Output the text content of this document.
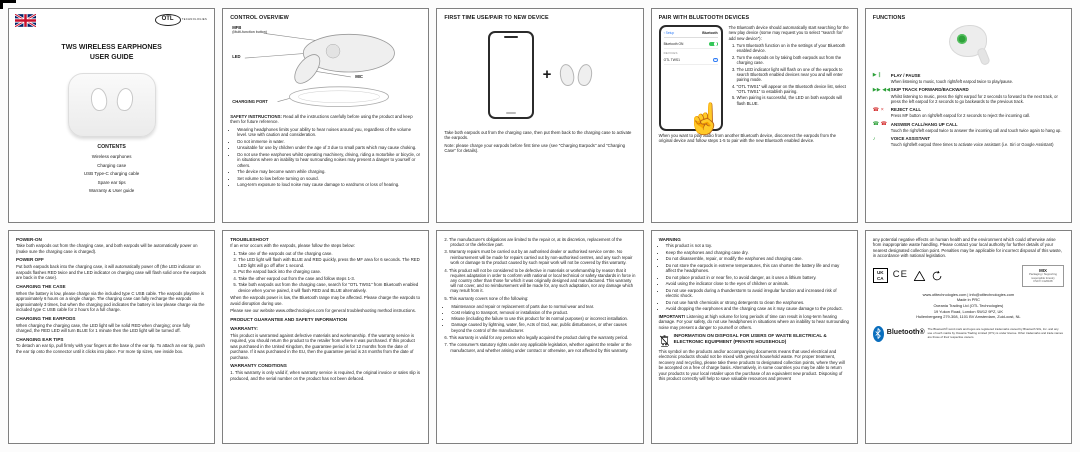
OTL	TECHNOLOGIES
TWS WIRELESS EARPHONES
USER GUIDE
CONTENTS
Wireless earphones
Charging case
USB Type-C charging cable
Spare ear tips
Warranty & User guide
CONTROL OVERVIEW
MFB
(Multi-function button)
LED
MIC
CHARGING PORT

SAFETY INSTRUCTIONS: Read all the instructions carefully before using the product and keep them for future reference.

• Wearing headphones limits your ability to hear noises around you, regardless of the volume level. Use with caution and consideration.
• Do not immerse in water.
• Unsuitable for use by children under the age of 3 due to small parts which may cause choking.
• Do not use these earphones whilst operating machinery, driving, riding a motorbike or bicycle, or in situations where an inability to hear surrounding noises may present a danger to yourself or others.
• The device may become warm while charging.
• Set volume to low before turning on sound.
• Long-term exposure to loud noise may cause damage to eardrums or loss of hearing.
FIRST TIME USE/PAIR TO NEW DEVICE
+

Take both earpods out from the charging case, then put them back to the charging case to activate the earpods.

Note: please charge your earpods before first time use (see "Charging Earpods" and "Charging Case" for details).

PAIR WITH BLUETOOTH DEVICES
‹ Setup	Bluetooth
Bluetooth ON
DEVICES
OTL TWS1	i
☝

The Bluetooth device should automatically start searching for the new play device (some may request you to select "search for/ add new device"):

1. Turn Bluetooth function on in the settings of your Bluetooth enabled device.
2. Turn the earpods on by taking both earpods out from the charging case.
3. The LED indicator light will flash on one of the earpods to search Bluetooth enabled devices near you and will enter pairing mode.
4. "OTL TWS1" will appear on the Bluetooth device list, select "OTL TWS1" to establish pairing.
5. When pairing is successful, the LED on both earpods will flash BLUE.

When you want to play audio from another Bluetooth device, disconnect the earpods from the original device and follow steps 1-5 to pair with the new Bluetooth enabled device.

FUNCTIONS
▶ ∥ PLAY / PAUSE
When listening to music, touch right/left earpod twice to play/pause.
▶▶ ◀◀ SKIP TRACK FORWARD/BACKWARD
Whilst listening to music, press the right earpod for 2 seconds to forward to the next track, or press the left earpod for 2 seconds to go backwards to the previous track.
☎ × REJECT CALL
Press MF button on right/left earpod for 2 seconds to reject the incoming call.
☎ ☎ ANSWER CALL/HANG UP CALL
Touch the right/left earpod twice to answer the incoming call and touch twice again to hang up.
♪	VOICE ASSISTANT
Touch right/left earpod three times to activate voice assistant (i.e. Siri or Google Assistant)
POWER-ON
Take both earpods out from the charging case, and both earpods will be automatically power on (make sure the charging case is charged).
POWER OFF
Put both earpods back into the charging case, it will automatically power off (the LED indicator on earpods flashes RED twice and the LED indicator on charging case will flash solid once the earpods are back in the case).
CHARGING THE CASE
When the battery is low, please charge via the included type C USB cable. The earpods playtime is approximately 6 hours on a single charge. The charging case can fully recharge the earpods approximately 3 times, but when the charging pod indicates the battery is low please charge via the included type C USB cable for 2 hours for a full charge.
CHARGING THE EARPODS
When charging the charging case, the LED light will be solid RED when charging; once fully charged, the RED LED will turn BLUE for 1 minute then the LED light will be turned off.
CHANGING EAR TIPS
To detach an ear tip, pull firmly with your fingers at the base of the ear tip. To attach an ear tip, push the ear tip onto the connector until it clicks into place. For more tip sizes, see inside box.
TROUBLESHOOT

If an error occurs with the earpods, please follow the steps below:

1. Take one of the earpods out of the charging case.
2. The LED light will flash with BLUE and RED quickly, press the MF area for 6 seconds. The RED LED light will go off after 1 second.
3. Put the earpod back into the charging case.
4. Take the other earpod out from the case and follow steps 1-3.
5. Take both earpods out from the charging case, search for "OTL TWS1" from Bluetooth enabled device when you've paired, it will flash RED and BLUE alternatively.

When the earpods power is low, the Bluetooth range may be affected. Please charge the earpods to avoid disruption during use.

Please see our website www.otltechnologies.com for general troubleshooting method instructions.

PRODUCT GUARANTEE AND SAFETY INFORMATION
WARRANTY:

This product is warranted against defective materials and workmanship. If the warranty service is required, you should return the product to the retailer from where it was purchased. If this product was purchased in the United Kingdom, the guarantee period is for 12 months from the date of purchase. If it was purchased in the EU, then the guarantee period is 24 months from the date of purchase.

WARRANTY CONDITIONS

1. This warranty is only valid if, when warranty service is required, the original invoice or sales slip is produced, and the serial number on the product has not been defaced.

2. The manufacturer's obligations are limited to the repair or, at its discretion, replacement of the product or the defective part.

3. Warranty repairs must be carried out by an authorised dealer or authorised service centre. No reimbursement will be made for repairs carried out by non-authorised centres, and any such repair work or damage to the product caused by such repair work will not be covered by this warranty.

4. This product will not be considered to be defective in materials or workmanship by reason that it requires adaptation in order to conform with national or local technical or safety standards in force in any country other than those for which it was originally designed and manufactured. This warranty will not cover, and no reimbursement will be made for, any such adaptation, nor any damage which may result from it.

5. This warranty covers none of the following:

• Maintenance and repair or replacement of parts due to normal wear and tear.
• Cost relating to transport, removal or installation of the product.
• Misuse (including the failure to use this product for its normal purposes) or incorrect installation.
• Damage caused by lightning, water, fire, Acts of God, war, public disturbances, or other causes beyond the control of the manufacturer.

6. This warranty is valid for any person who legally acquired the product during the warranty period.

7. The consumer's statutory rights under any applicable legislation, whether against the retailer or the manufacturer, and whether arising under contract or otherwise, are not affected by this warranty.

WARNING
• This product is not a toy.
• Keep the earphones and charging case dry.
• Do not disassemble, repair, or modify the earphones and charging case.
• Do not store the earpods in extreme temperatures, this can shorten the battery life and may affect the headphones.
• Do not place product in or near fire, to avoid danger, as it uses a lithium battery.
• Avoid using the indicator close to the eyes of children or animals.
• Do not use earpods during a thunderstorm to avoid irregular function and increased risk of electric shock.
• Do not use harsh chemicals or strong detergents to clean the earphones.
• Avoid dropping the earphones and the charging case as it may cause damage to the product.

IMPORTANT! Listening at high volume for long periods of time can result in long-term hearing damage. For your safety, do not use headphones in situations where an inability to hear surrounding noise may present a danger to yourself or others.

INFORMATION ON DISPOSAL FOR USERS OF WASTE ELECTRICAL & ELECTRONIC EQUIPMENT (PRIVATE HOUSEHOLD)

This symbol on the products and/or accompanying documents means that used electrical and electronic products should not be mixed with general household waste. For proper treatment, recovery and recycling, please take these products to designated collection points, where they will be accepted on a free of charge basis. Alternatively, in some countries you may be able to return your products to your local retailer upon the purchase of an equivalent new product. Disposing of this product correctly will help to save valuable resources and prevent

any potential negative effects on human health and the environment which could otherwise arise from inappropriate waste handling. Please contact your local authority for further details of your nearest designated collection point. Penalties may be applicable for incorrect disposal of this waste, in accordance with national legislation.

UK
CA CE	MIX
Packaging / Supporting responsible forestry
FSC® C126168

www.otltechnologies.com | info@otltechnologies.com

Made in PRC

Oceania Trading Ltd (OTL Technologies)

19 Yukon Road, London SW12 9PZ, UK

Huilenbergweg 279-308, 1101 BV Amsterdam, Zuid-oost, NL

Bluetooth®
The Bluetooth® word mark and logos are registered trademarks owned by Bluetooth SIG, Inc. and any use of such marks by Oceania Trading Limited (OTL) is under license. Other trademarks and trade names are those of their respective owners.
